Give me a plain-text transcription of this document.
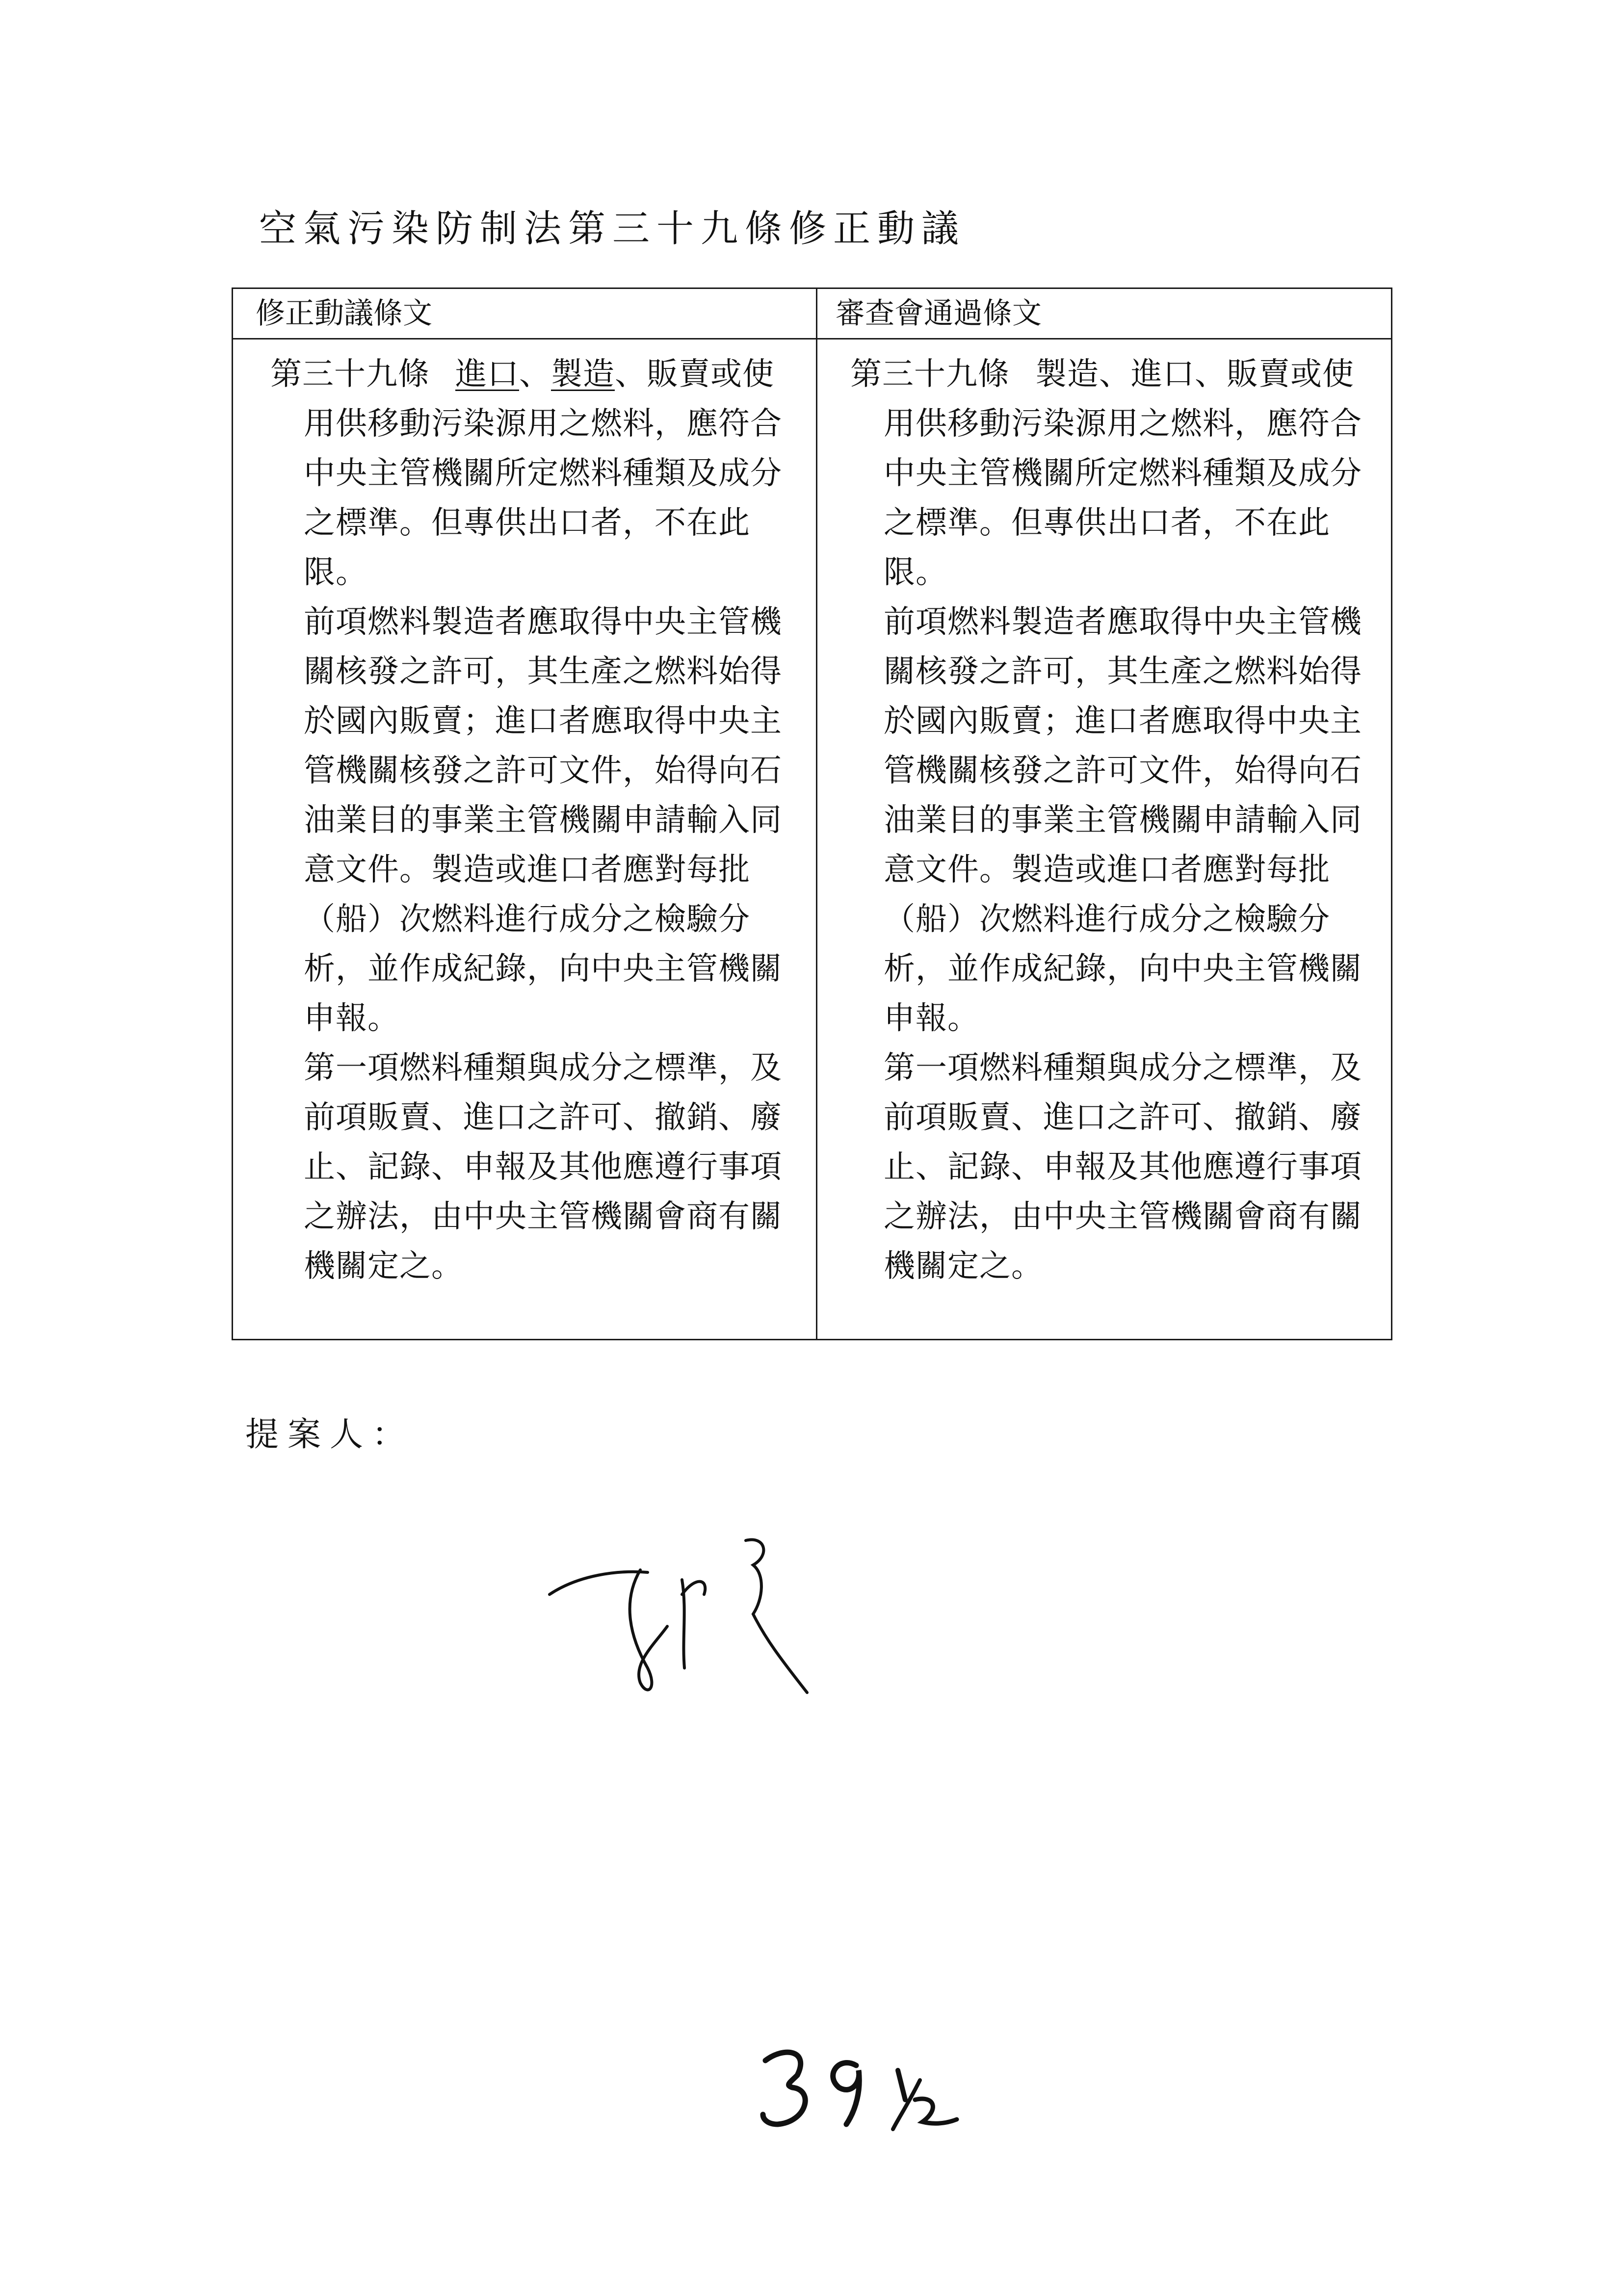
空氣污染防制法第三十九條修正動議
修正動議條文	審查會通過條文
第三十九條 進口、製造、販賣或使用供移動污染源用之燃料，應符合中央主管機關所定燃料種類及成分之標準。但專供出口者，不在此限。
前項燃料製造者應取得中央主管機關核發之許可，其生產之燃料始得於國內販賣；進口者應取得中央主管機關核發之許可文件，始得向石油業目的事業主管機關申請輸入同意文件。製造或進口者應對每批（船）次燃料進行成分之檢驗分析，並作成紀錄，向中央主管機關申報。
第一項燃料種類與成分之標準，及前項販賣、進口之許可、撤銷、廢止、記錄、申報及其他應遵行事項之辦法，由中央主管機關會商有關機關定之。
第三十九條 製造、進口、販賣或使用供移動污染源用之燃料，應符合中央主管機關所定燃料種類及成分之標準。但專供出口者，不在此限。
前項燃料製造者應取得中央主管機關核發之許可，其生產之燃料始得於國內販賣；進口者應取得中央主管機關核發之許可文件，始得向石油業目的事業主管機關申請輸入同意文件。製造或進口者應對每批（船）次燃料進行成分之檢驗分析，並作成紀錄，向中央主管機關申報。
第一項燃料種類與成分之標準，及前項販賣、進口之許可、撤銷、廢止、記錄、申報及其他應遵行事項之辦法，由中央主管機關會商有關機關定之。
提案人：
